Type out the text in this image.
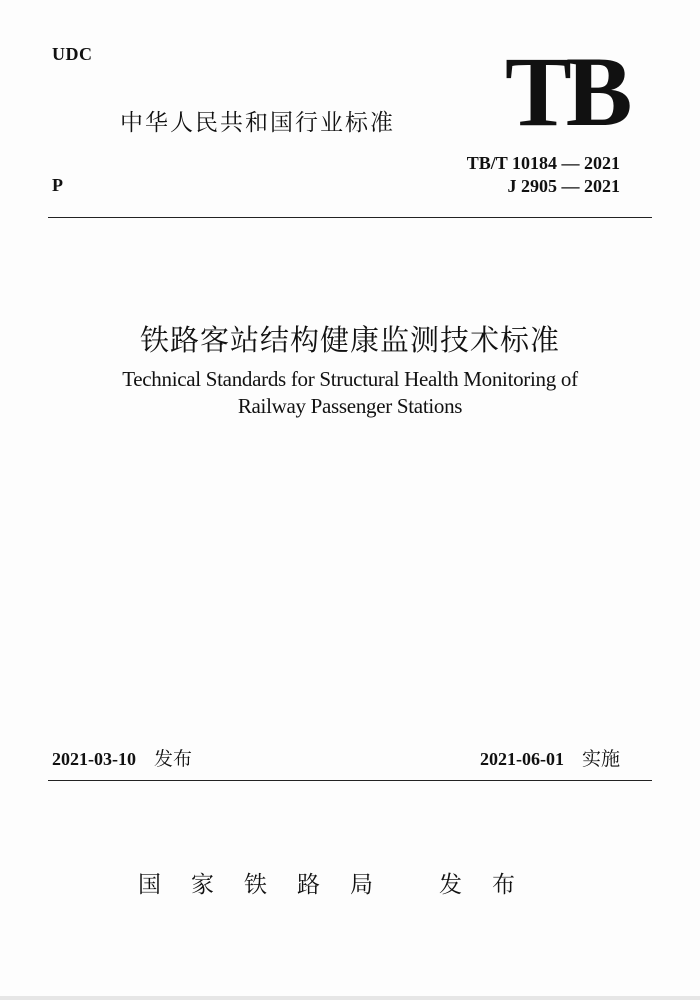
UDC
中华人民共和国行业标准 TB
P
TB/T 10184 — 2021
J 2905 — 2021
铁路客站结构健康监测技术标准
Technical Standards for Structural Health Monitoring of
Railway Passenger Stations
2021-03-10 发布	2021-06-01 实施
国家铁路局 发布
